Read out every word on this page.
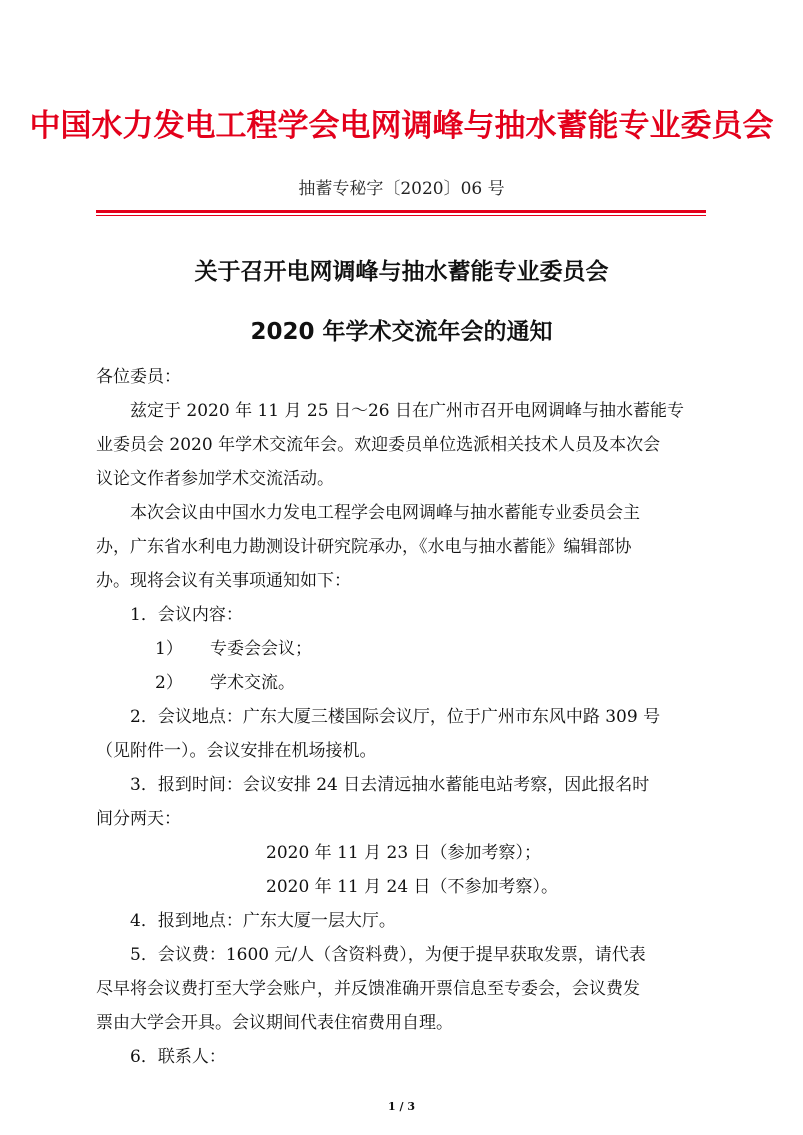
中国水力发电工程学会电网调峰与抽水蓄能专业委员会
抽蓄专秘字〔2020〕06 号
关于召开电网调峰与抽水蓄能专业委员会
2020 年学术交流年会的通知
各位委员：
兹定于 2020 年 11 月 25 日～26 日在广州市召开电网调峰与抽水蓄能专
业委员会 2020 年学术交流年会。欢迎委员单位选派相关技术人员及本次会
议论文作者参加学术交流活动。
本次会议由中国水力发电工程学会电网调峰与抽水蓄能专业委员会主
办，广东省水利电力勘测设计研究院承办，《水电与抽水蓄能》编辑部协
办。现将会议有关事项通知如下：
1．会议内容：
1） 专委会会议；
2） 学术交流。
2．会议地点：广东大厦三楼国际会议厅，位于广州市东风中路 309 号
（见附件一）。会议安排在机场接机。
3．报到时间：会议安排 24 日去清远抽水蓄能电站考察，因此报名时
间分两天：
2020 年 11 月 23 日（参加考察）；
2020 年 11 月 24 日（不参加考察）。
4．报到地点：广东大厦一层大厅。
5．会议费：1600 元/人（含资料费），为便于提早获取发票，请代表
尽早将会议费打至大学会账户，并反馈准确开票信息至专委会，会议费发
票由大学会开具。会议期间代表住宿费用自理。
6．联系人：
1 / 3
